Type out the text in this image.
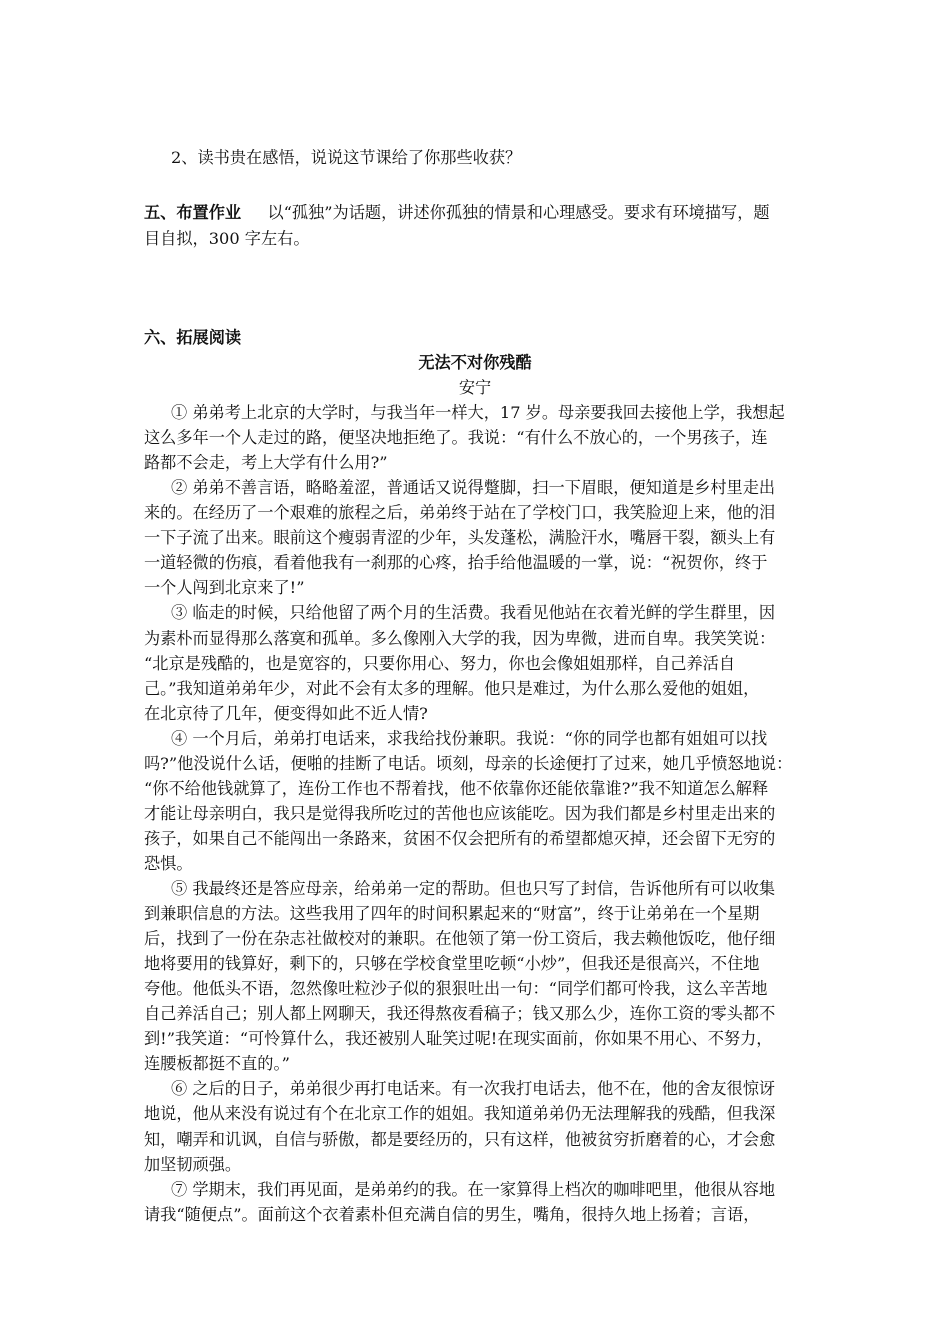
2、读书贵在感悟，说说这节课给了你那些收获？
五、布置作业 以“孤独”为话题，讲述你孤独的情景和心理感受。要求有环境描写，题
目自拟，300 字左右。
六、拓展阅读
无法不对你残酷
安宁
① 弟弟考上北京的大学时，与我当年一样大，17 岁。母亲要我回去接他上学，我想起
这么多年一个人走过的路，便坚决地拒绝了。我说：“有什么不放心的，一个男孩子，连
路都不会走，考上大学有什么用?”
② 弟弟不善言语，略略羞涩，普通话又说得蹩脚，扫一下眉眼，便知道是乡村里走出
来的。在经历了一个艰难的旅程之后，弟弟终于站在了学校门口，我笑脸迎上来，他的泪
一下子流了出来。眼前这个瘦弱青涩的少年，头发蓬松，满脸汗水，嘴唇干裂，额头上有
一道轻微的伤痕，看着他我有一刹那的心疼，抬手给他温暖的一掌，说：“祝贺你，终于
一个人闯到北京来了!”
③ 临走的时候，只给他留了两个月的生活费。我看见他站在衣着光鲜的学生群里，因
为素朴而显得那么落寞和孤单。多么像刚入大学的我，因为卑微，进而自卑。我笑笑说：
“北京是残酷的，也是宽容的，只要你用心、努力，你也会像姐姐那样，自己养活自
己。”我知道弟弟年少，对此不会有太多的理解。他只是难过，为什么那么爱他的姐姐，
在北京待了几年，便变得如此不近人情?
④ 一个月后，弟弟打电话来，求我给找份兼职。我说：“你的同学也都有姐姐可以找
吗?”他没说什么话，便啪的挂断了电话。顷刻，母亲的长途便打了过来，她几乎愤怒地说：
“你不给他钱就算了，连份工作也不帮着找，他不依靠你还能依靠谁?”我不知道怎么解释
才能让母亲明白，我只是觉得我所吃过的苦他也应该能吃。因为我们都是乡村里走出来的
孩子，如果自己不能闯出一条路来，贫困不仅会把所有的希望都熄灭掉，还会留下无穷的
恐惧。
⑤ 我最终还是答应母亲，给弟弟一定的帮助。但也只写了封信，告诉他所有可以收集
到兼职信息的方法。这些我用了四年的时间积累起来的“财富”，终于让弟弟在一个星期
后，找到了一份在杂志社做校对的兼职。在他领了第一份工资后，我去赖他饭吃，他仔细
地将要用的钱算好，剩下的，只够在学校食堂里吃顿“小炒”，但我还是很高兴，不住地
夸他。他低头不语，忽然像吐粒沙子似的狠狠吐出一句：“同学们都可怜我，这么辛苦地
自己养活自己；别人都上网聊天，我还得熬夜看稿子；钱又那么少，连你工资的零头都不
到!”我笑道：“可怜算什么，我还被别人耻笑过呢!在现实面前，你如果不用心、不努力，
连腰板都挺不直的。”
⑥ 之后的日子，弟弟很少再打电话来。有一次我打电话去，他不在，他的舍友很惊讶
地说，他从来没有说过有个在北京工作的姐姐。我知道弟弟仍无法理解我的残酷，但我深
知，嘲弄和讥讽，自信与骄傲，都是要经历的，只有这样，他被贫穷折磨着的心，才会愈
加坚韧顽强。
⑦ 学期末，我们再见面，是弟弟约的我。在一家算得上档次的咖啡吧里，他很从容地
请我“随便点”。面前这个衣着素朴但充满自信的男生，嘴角，很持久地上扬着；言语，
